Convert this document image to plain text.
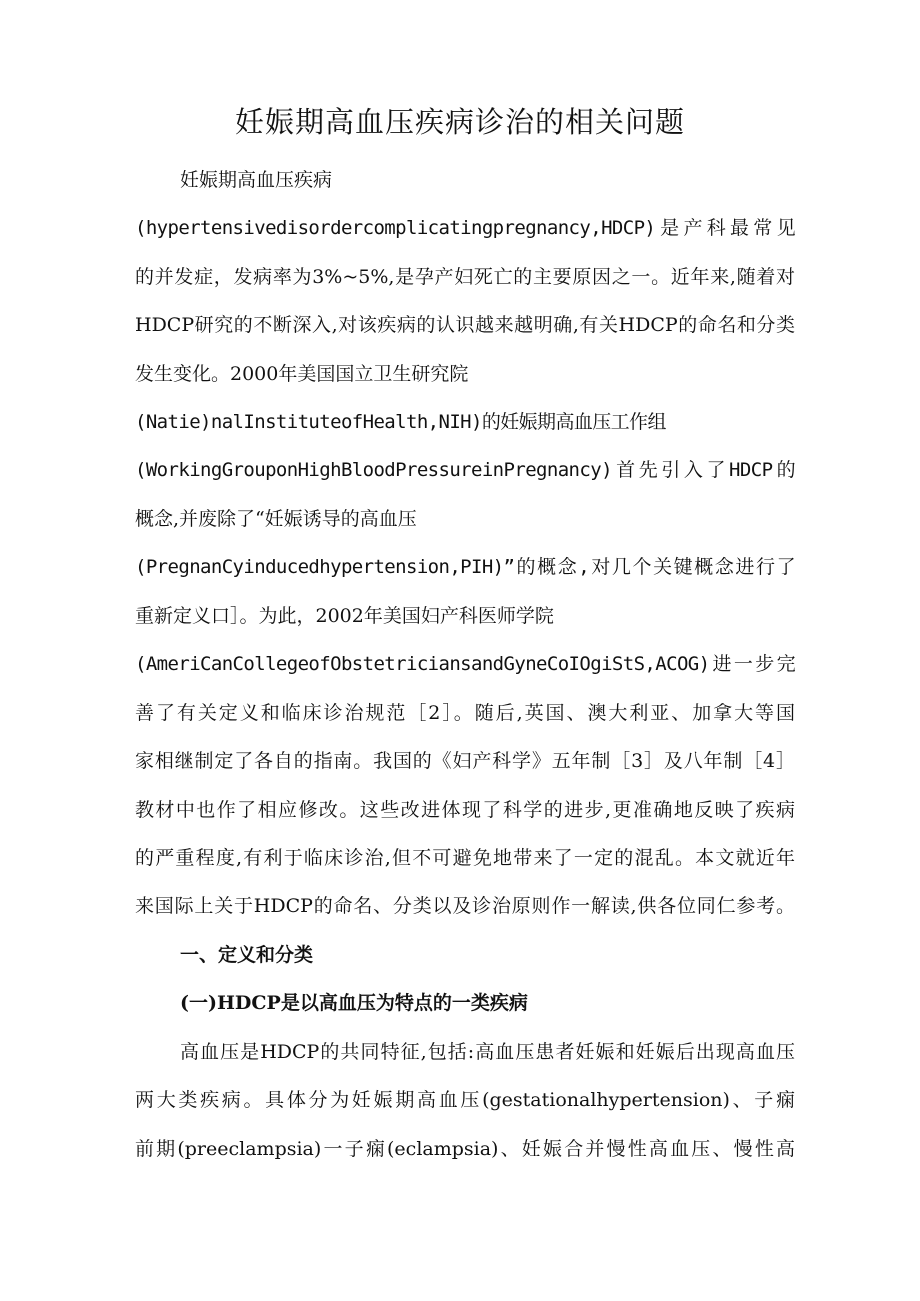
妊娠期高血压疾病诊治的相关问题

妊娠期高血压疾病

(hypertensivedisordercomplicatingpregnancy,HDCP)是产科最常见

的并发症，发病率为3%~5%,是孕产妇死亡的主要原因之一。近年来,随着对

HDCP研究的不断深入,对该疾病的认识越来越明确,有关HDCP的命名和分类

发生变化。2000年美国国立卫生研究院

(Natie)nalInstituteofHealth,NIH)的妊娠期高血压工作组

(WorkingGrouponHighBloodPressureinPregnancy)首先引入了HDCP的

概念,并废除了“妊娠诱导的高血压

(PregnanCyinducedhypertension,PIH)”的概念,对几个关键概念进行了

重新定义口］。为此，2002年美国妇产科医师学院

(AmeriCanCollegeofObstetriciansandGyneCoIOgiStS,ACOG)进一步完

善了有关定义和临床诊治规范［2］。随后,英国、澳大利亚、加拿大等国

家相继制定了各自的指南。我国的《妇产科学》五年制［3］及八年制［4］

教材中也作了相应修改。这些改进体现了科学的进步,更准确地反映了疾病

的严重程度,有利于临床诊治,但不可避免地带来了一定的混乱。本文就近年

来国际上关于HDCP的命名、分类以及诊治原则作一解读,供各位同仁参考。

一、定义和分类

(一)HDCP是以高血压为特点的一类疾病

高血压是HDCP的共同特征,包括:高血压患者妊娠和妊娠后出现高血压

两大类疾病。具体分为妊娠期高血压(gestationalhypertension)、子痫

前期(preeclampsia)一子痫(eclampsia)、妊娠合并慢性高血压、慢性高
